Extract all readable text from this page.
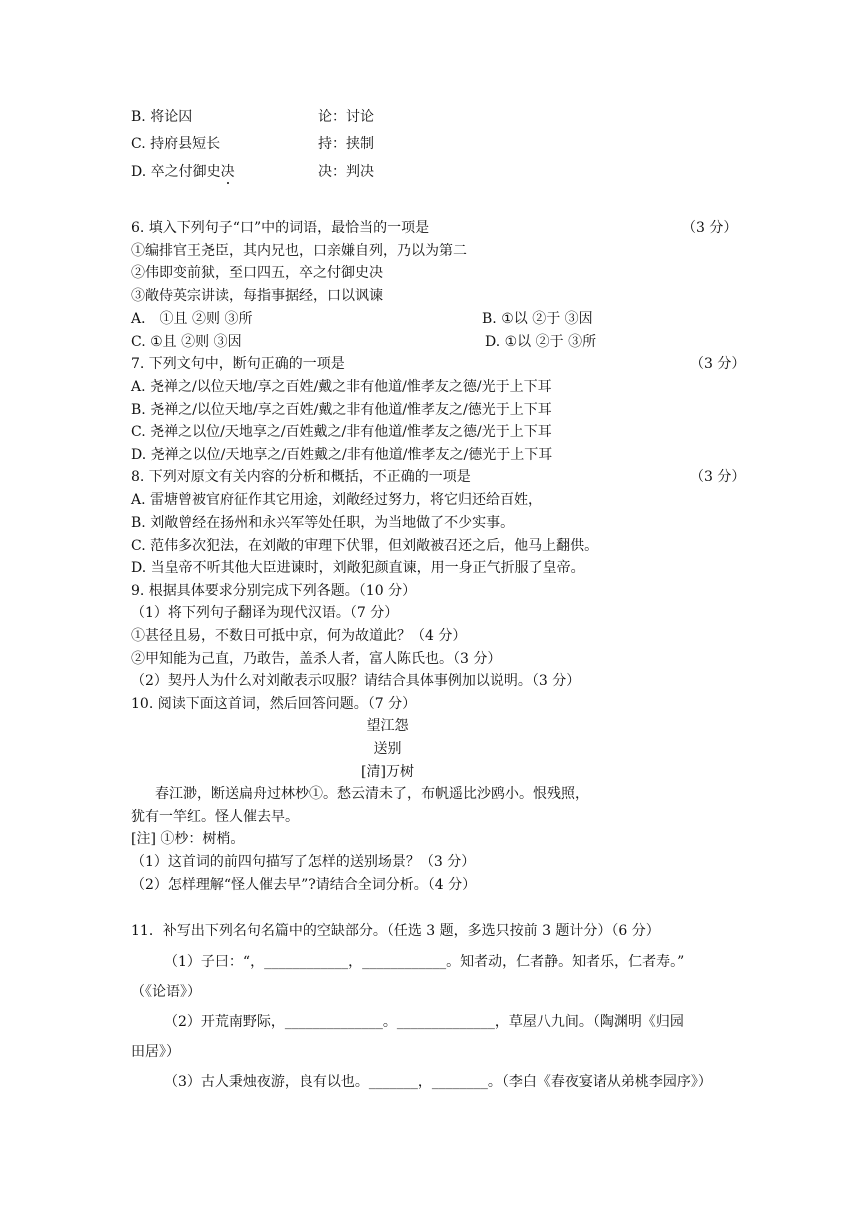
B. 将论囚	论：讨论
C. 持府县短长	持：挟制
D. 卒之付御史决	决：判决
6. 填入下列句子“口”中的词语，最恰当的一项是	（3 分）
①编排官王尧臣，其内兄也，口亲嫌自列，乃以为第二
②伟即变前狱，至口四五，卒之付御史决
③敞侍英宗讲读，每指事据经，口以讽谏
A． ①且 ②则 ③所	B. ①以 ②于 ③因
C. ①且 ②则 ③因	D. ①以 ②于 ③所
7. 下列文句中，断句正确的一项是	（3 分）
A. 尧禅之/以位天地/享之百姓/戴之非有他道/惟孝友之德/光于上下耳
B. 尧禅之/以位天地/享之百姓/戴之非有他道/惟孝友之/德光于上下耳
C. 尧禅之以位/天地享之/百姓戴之/非有他道/惟孝友之德/光于上下耳
D. 尧禅之以位/天地享之/百姓戴之/非有他道/惟孝友之/德光于上下耳
8. 下列对原文有关内容的分析和概括，不正确的一项是	（3 分）
A. 雷塘曾被官府征作其它用途，刘敞经过努力，将它归还给百姓，
B. 刘敞曾经在扬州和永兴军等处任职，为当地做了不少实事。
C. 范伟多次犯法，在刘敞的审理下伏罪，但刘敞被召还之后，他马上翻供。
D. 当皇帝不听其他大臣进谏时，刘敞犯颜直谏，用一身正气折服了皇帝。
9. 根据具体要求分别完成下列各题。（10 分）
（1）将下列句子翻译为现代汉语。（7 分）
①甚径且易，不数日可抵中京，何为故道此？（4 分）
②甲知能为己直，乃敢告，盖杀人者，富人陈氏也。（3 分）
（2）契丹人为什么对刘敞表示叹服？请结合具体事例加以说明。（3 分）
10. 阅读下面这首词，然后回答问题。（7 分）
望江怨
送别
[清]万树
春江渺，断送扁舟过林杪①。愁云清未了，布帆遥比沙鸥小。恨残照，
犹有一竿红。怪人催去早。
[注] ①杪：树梢。
（1）这首词的前四句描写了怎样的送别场景？（3 分）
（2）怎样理解“怪人催去早”?请结合全词分析。（4 分）
11．补写出下列名句名篇中的空缺部分。（任选 3 题，多选只按前 3 题计分）（6 分）
（1）子曰：“，____________，____________。知者动，仁者静。知者乐，仁者寿。”
（《论语》）
（2）开荒南野际，______________。______________，草屋八九间。（陶渊明《归园
田居》）
（3）古人秉烛夜游，良有以也。_______，________。（李白《春夜宴诸从弟桃李园序》）
